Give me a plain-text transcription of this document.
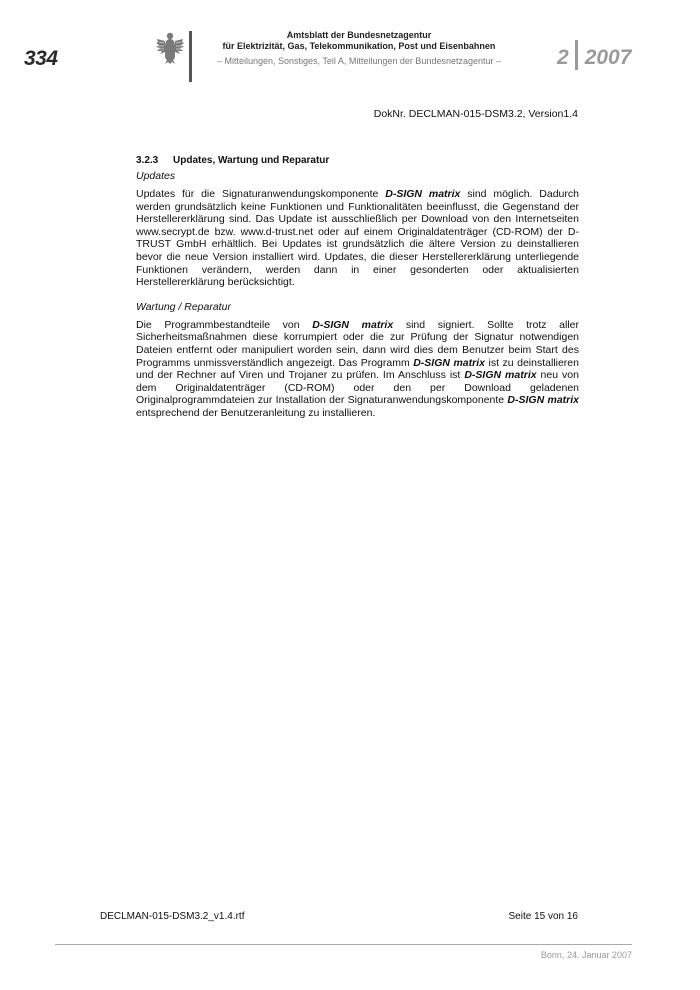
334
Amtsblatt der Bundesnetzagentur
für Elektrizität, Gas, Telekommunikation, Post und Eisenbahnen
– Mitteilungen, Sonstiges, Teil A, Mitteilungen der Bundesnetzagentur –	2 2007
DokNr. DECLMAN-015-DSM3.2, Version1.4
3.2.3	Updates, Wartung und Reparatur
Updates

Updates für die Signaturanwendungskomponente D-SIGN matrix sind möglich. Dadurch werden grundsätzlich keine Funktionen und Funktionalitäten beeinflusst, die Gegenstand der Herstellererklärung sind. Das Update ist ausschließlich per Download von den Internetseiten www.secrypt.de bzw. www.d-trust.net oder auf einem Originaldatenträger (CD-ROM) der D-TRUST GmbH erhältlich. Bei Updates ist grundsätzlich die ältere Version zu deinstallieren bevor die neue Version installiert wird. Updates, die dieser Herstellererklärung unterliegende Funktionen verändern, werden dann in einer gesonderten oder aktualisierten Herstellererklärung berücksichtigt.

Wartung / Reparatur

Die Programmbestandteile von D-SIGN matrix sind signiert. Sollte trotz aller Sicherheitsmaßnahmen diese korrumpiert oder die zur Prüfung der Signatur notwendigen Dateien entfernt oder manipuliert worden sein, dann wird dies dem Benutzer beim Start des Programms unmissverständlich angezeigt. Das Programm D-SIGN matrix ist zu deinstallieren und der Rechner auf Viren und Trojaner zu prüfen. Im Anschluss ist D-SIGN matrix neu von dem Originaldatenträger (CD-ROM) oder den per Download geladenen Originalprogrammdateien zur Installation der Signaturanwendungskomponente D-SIGN matrix entsprechend der Benutzeranleitung zu installieren.

DECLMAN-015-DSM3.2_v1.4.rtf	Seite 15 von 16
Bonn, 24. Januar 2007
